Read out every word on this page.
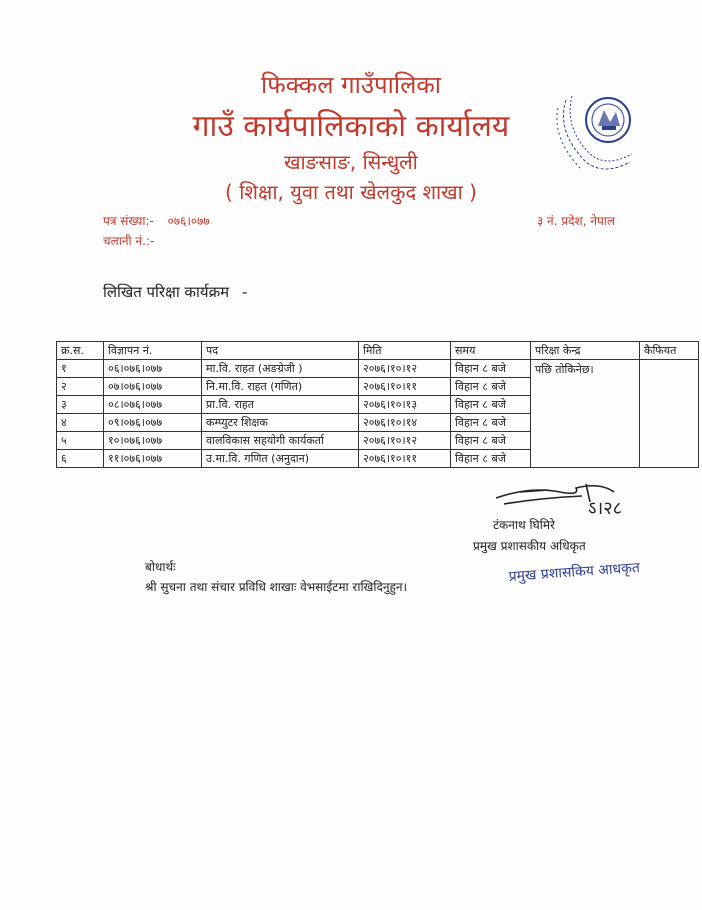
फिक्कल गाउँपालिका
गाउँ कार्यपालिकाको कार्यालय
खाङसाङ, सिन्धुली
( शिक्षा, युवा तथा खेलकुद शाखा )
पत्र संख्या:- ०७६।०७७
चलानी नं.:-
३ नं. प्रदेश, नेपाल
लिखित परिक्षा कार्यक्रम -
क्र.स.	विज्ञापन नं.	पद	मिति	समय	परिक्षा केन्द्र	कैफियत
१	०६।०७६।०७७	मा.वि. राहत (अङग्रेजी )	२०७६।१०।१२	विहान ८ बजे	पछि तोकिनेछ।	
२	०७।०७६।०७७	नि.मा.वि. राहत (गणित)	२०७६।१०।११	विहान ८ बजे		
३	०८।०७६।०७७	प्रा.वि. राहत	२०७६।१०।१३	विहान ८ बजे		
४	०९।०७६।०७७	कम्प्युटर शिक्षक	२०७६।१०।१४	विहान ८ बजे		
५	१०।०७६।०७७	वालविकास सहयोगी कार्यकर्ता	२०७६।१०।१२	विहान ८ बजे		
६	११।०७६।०७७	उ.मा.वि. गणित (अनुदान)	२०७६।१०।११	विहान ८ बजे		
ऽ।२८
टंकनाथ घिमिरे
प्रमुख प्रशासकीय अधिकृत
प्रमुख प्रशासकिय आधकृत
बोधार्थः
श्री सुचना तथा संचार प्रविधि शाखाः वेभसाईटमा राखिदिनुहुन।
